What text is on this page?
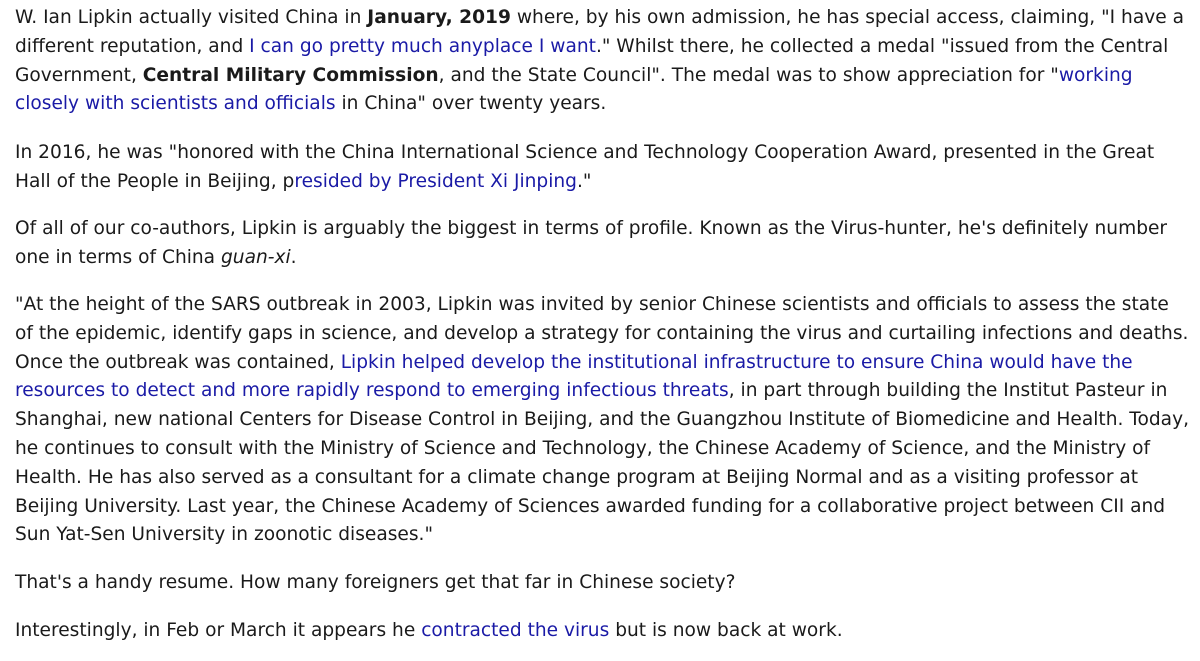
W. Ian Lipkin actually visited China in January, 2019 where, by his own admission, he has special access, claiming, "I have a different reputation, and I can go pretty much anyplace I want." Whilst there, he collected a medal "issued from the Central Government, Central Military Commission, and the State Council". The medal was to show appreciation for "working closely with scientists and officials in China" over twenty years.

In 2016, he was "honored with the China International Science and Technology Cooperation Award, presented in the Great Hall of the People in Beijing, presided by President Xi Jinping."

Of all of our co-authors, Lipkin is arguably the biggest in terms of profile. Known as the Virus-hunter, he's definitely number one in terms of China guan-xi.

"At the height of the SARS outbreak in 2003, Lipkin was invited by senior Chinese scientists and officials to assess the state of the epidemic, identify gaps in science, and develop a strategy for containing the virus and curtailing infections and deaths. Once the outbreak was contained, Lipkin helped develop the institutional infrastructure to ensure China would have the resources to detect and more rapidly respond to emerging infectious threats, in part through building the Institut Pasteur in Shanghai, new national Centers for Disease Control in Beijing, and the Guangzhou Institute of Biomedicine and Health. Today, he continues to consult with the Ministry of Science and Technology, the Chinese Academy of Science, and the Ministry of Health. He has also served as a consultant for a climate change program at Beijing Normal and as a visiting professor at Beijing University. Last year, the Chinese Academy of Sciences awarded funding for a collaborative project between CII and Sun Yat-Sen University in zoonotic diseases."

That's a handy resume. How many foreigners get that far in Chinese society?

Interestingly, in Feb or March it appears he contracted the virus but is now back at work.
